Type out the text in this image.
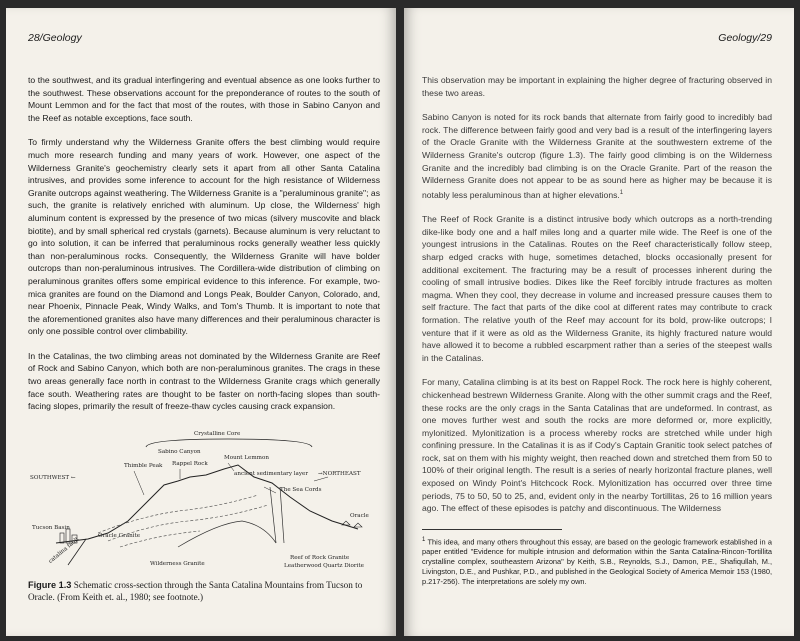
28/Geology

to the southwest, and its gradual interfingering and eventual absence as one looks further to the southwest. These observations account for the preponderance of routes to the south of Mount Lemmon and for the fact that most of the routes, with those in Sabino Canyon and the Reef as notable exceptions, face south.

To firmly understand why the Wilderness Granite offers the best climbing would require much more research funding and many years of work. However, one aspect of the Wilderness Granite's geochemistry clearly sets it apart from all other Santa Catalina intrusives, and provides some inference to account for the high resistance of Wilderness Granite outcrops against weathering. The Wilderness Granite is a "peraluminous granite"; as such, the granite is relatively enriched with aluminum. Up close, the Wilderness' high aluminum content is expressed by the presence of two micas (silvery muscovite and black biotite), and by small spherical red crystals (garnets). Because aluminum is very reluctant to go into solution, it can be inferred that peraluminous rocks generally weather less quickly than non-peraluminous rocks. Consequently, the Wilderness Granite will have bolder outcrops than non-peraluminous intrusives. The Cordillera-wide distribution of climbing on peraluminous granites offers some empirical evidence to this inference. For example, two-mica granites are found on the Diamond and Longs Peak, Boulder Canyon, Colorado, and, near Phoenix, Pinnacle Peak, Windy Walks, and Tom's Thumb. It is important to note that the aforementioned granites also have many differences and their peraluminous character is only one possible control over climbability.

In the Catalinas, the two climbing areas not dominated by the Wilderness Granite are Reef of Rock and Sabino Canyon, which both are non-peraluminous granites. The crags in these two areas generally face north in contrast to the Wilderness Granite crags which generally face south. Weathering rates are thought to be faster on north-facing slopes than south-facing slopes, primarily the result of freeze-thaw cycles causing crack expansion.

Crystalline Core
Sabino Canyon
Thimble Peak Rappel Rock
Mount Lemmon
ancient sedimentary layer →NORTHEAST
SOUTHWEST ←
The Sea Cords
Oracle
Tucson Basin
Oracle Granite
catalina fault	Wilderness Granite
Reef of Rock Granite
Leatherwood Quartz Diorite
Figure 1.3 Schematic cross-section through the Santa Catalina Mountains from Tucson to Oracle. (From Keith et. al., 1980; see footnote.)
Geology/29

This observation may be important in explaining the higher degree of fracturing observed in these two areas.

Sabino Canyon is noted for its rock bands that alternate from fairly good to incredibly bad rock. The difference between fairly good and very bad is a result of the interfingering layers of the Oracle Granite with the Wilderness Granite at the southwestern extreme of the Wilderness Granite's outcrop (figure 1.3). The fairly good climbing is on the Wilderness Granite and the incredibly bad climbing is on the Oracle Granite. Part of the reason the Wilderness Granite does not appear to be as sound here as higher may be because it is notably less peraluminous than at higher elevations.$^1$

The Reef of Rock Granite is a distinct intrusive body which outcrops as a north-trending dike-like body one and a half miles long and a quarter mile wide. The Reef is one of the youngest intrusions in the Catalinas. Routes on the Reef characteristically follow steep, sharp edged cracks with huge, sometimes detached, blocks occasionally present for additional excitement. The fracturing may be a result of processes inherent during the cooling of small intrusive bodies. Dikes like the Reef forcibly intrude fractures as molten magma. When they cool, they decrease in volume and increased pressure causes them to self fracture. The fact that parts of the dike cool at different rates may contribute to crack formation. The relative youth of the Reef may account for its bold, prow-like outcrops; I venture that if it were as old as the Wilderness Granite, its highly fractured nature would have allowed it to become a rubbled escarpment rather than a series of the steepest walls in the Catalinas.

For many, Catalina climbing is at its best on Rappel Rock. The rock here is highly coherent, chickenhead bestrewn Wilderness Granite. Along with the other summit crags and the Reef, these rocks are the only crags in the Santa Catalinas that are undeformed. In contrast, as one moves further west and south the rocks are more deformed or, more explicitly, mylonitized. Mylonitization is a process whereby rocks are stretched while under high confining pressure. In the Catalinas it is as if Cody's Captain Granitic took select patches of rock, sat on them with his mighty weight, then reached down and stretched them from 50 to 100% of their original length. The result is a series of nearly horizontal fracture planes, well exposed on Windy Point's Hitchcock Rock. Mylonitization has occurred over three time periods, 75 to 50, 50 to 25, and, evident only in the nearby Tortillitas, 26 to 16 million years ago. The effect of these episodes is patchy and discontinuous. The Wilderness

$^1$ This idea, and many others throughout this essay, are based on the geologic framework established in a paper entitled "Evidence for multiple intrusion and deformation within the Santa Catalina-Rincon-Tortillita crystalline complex, southeastern Arizona" by Keith, S.B., Reynolds, S.J., Damon, P.E., Shafiqullah, M., Livingston, D.E., and Pushkar, P.D., and published in the Geological Society of America Memoir 153 (1980, p.217-256). The interpretations are solely my own.
